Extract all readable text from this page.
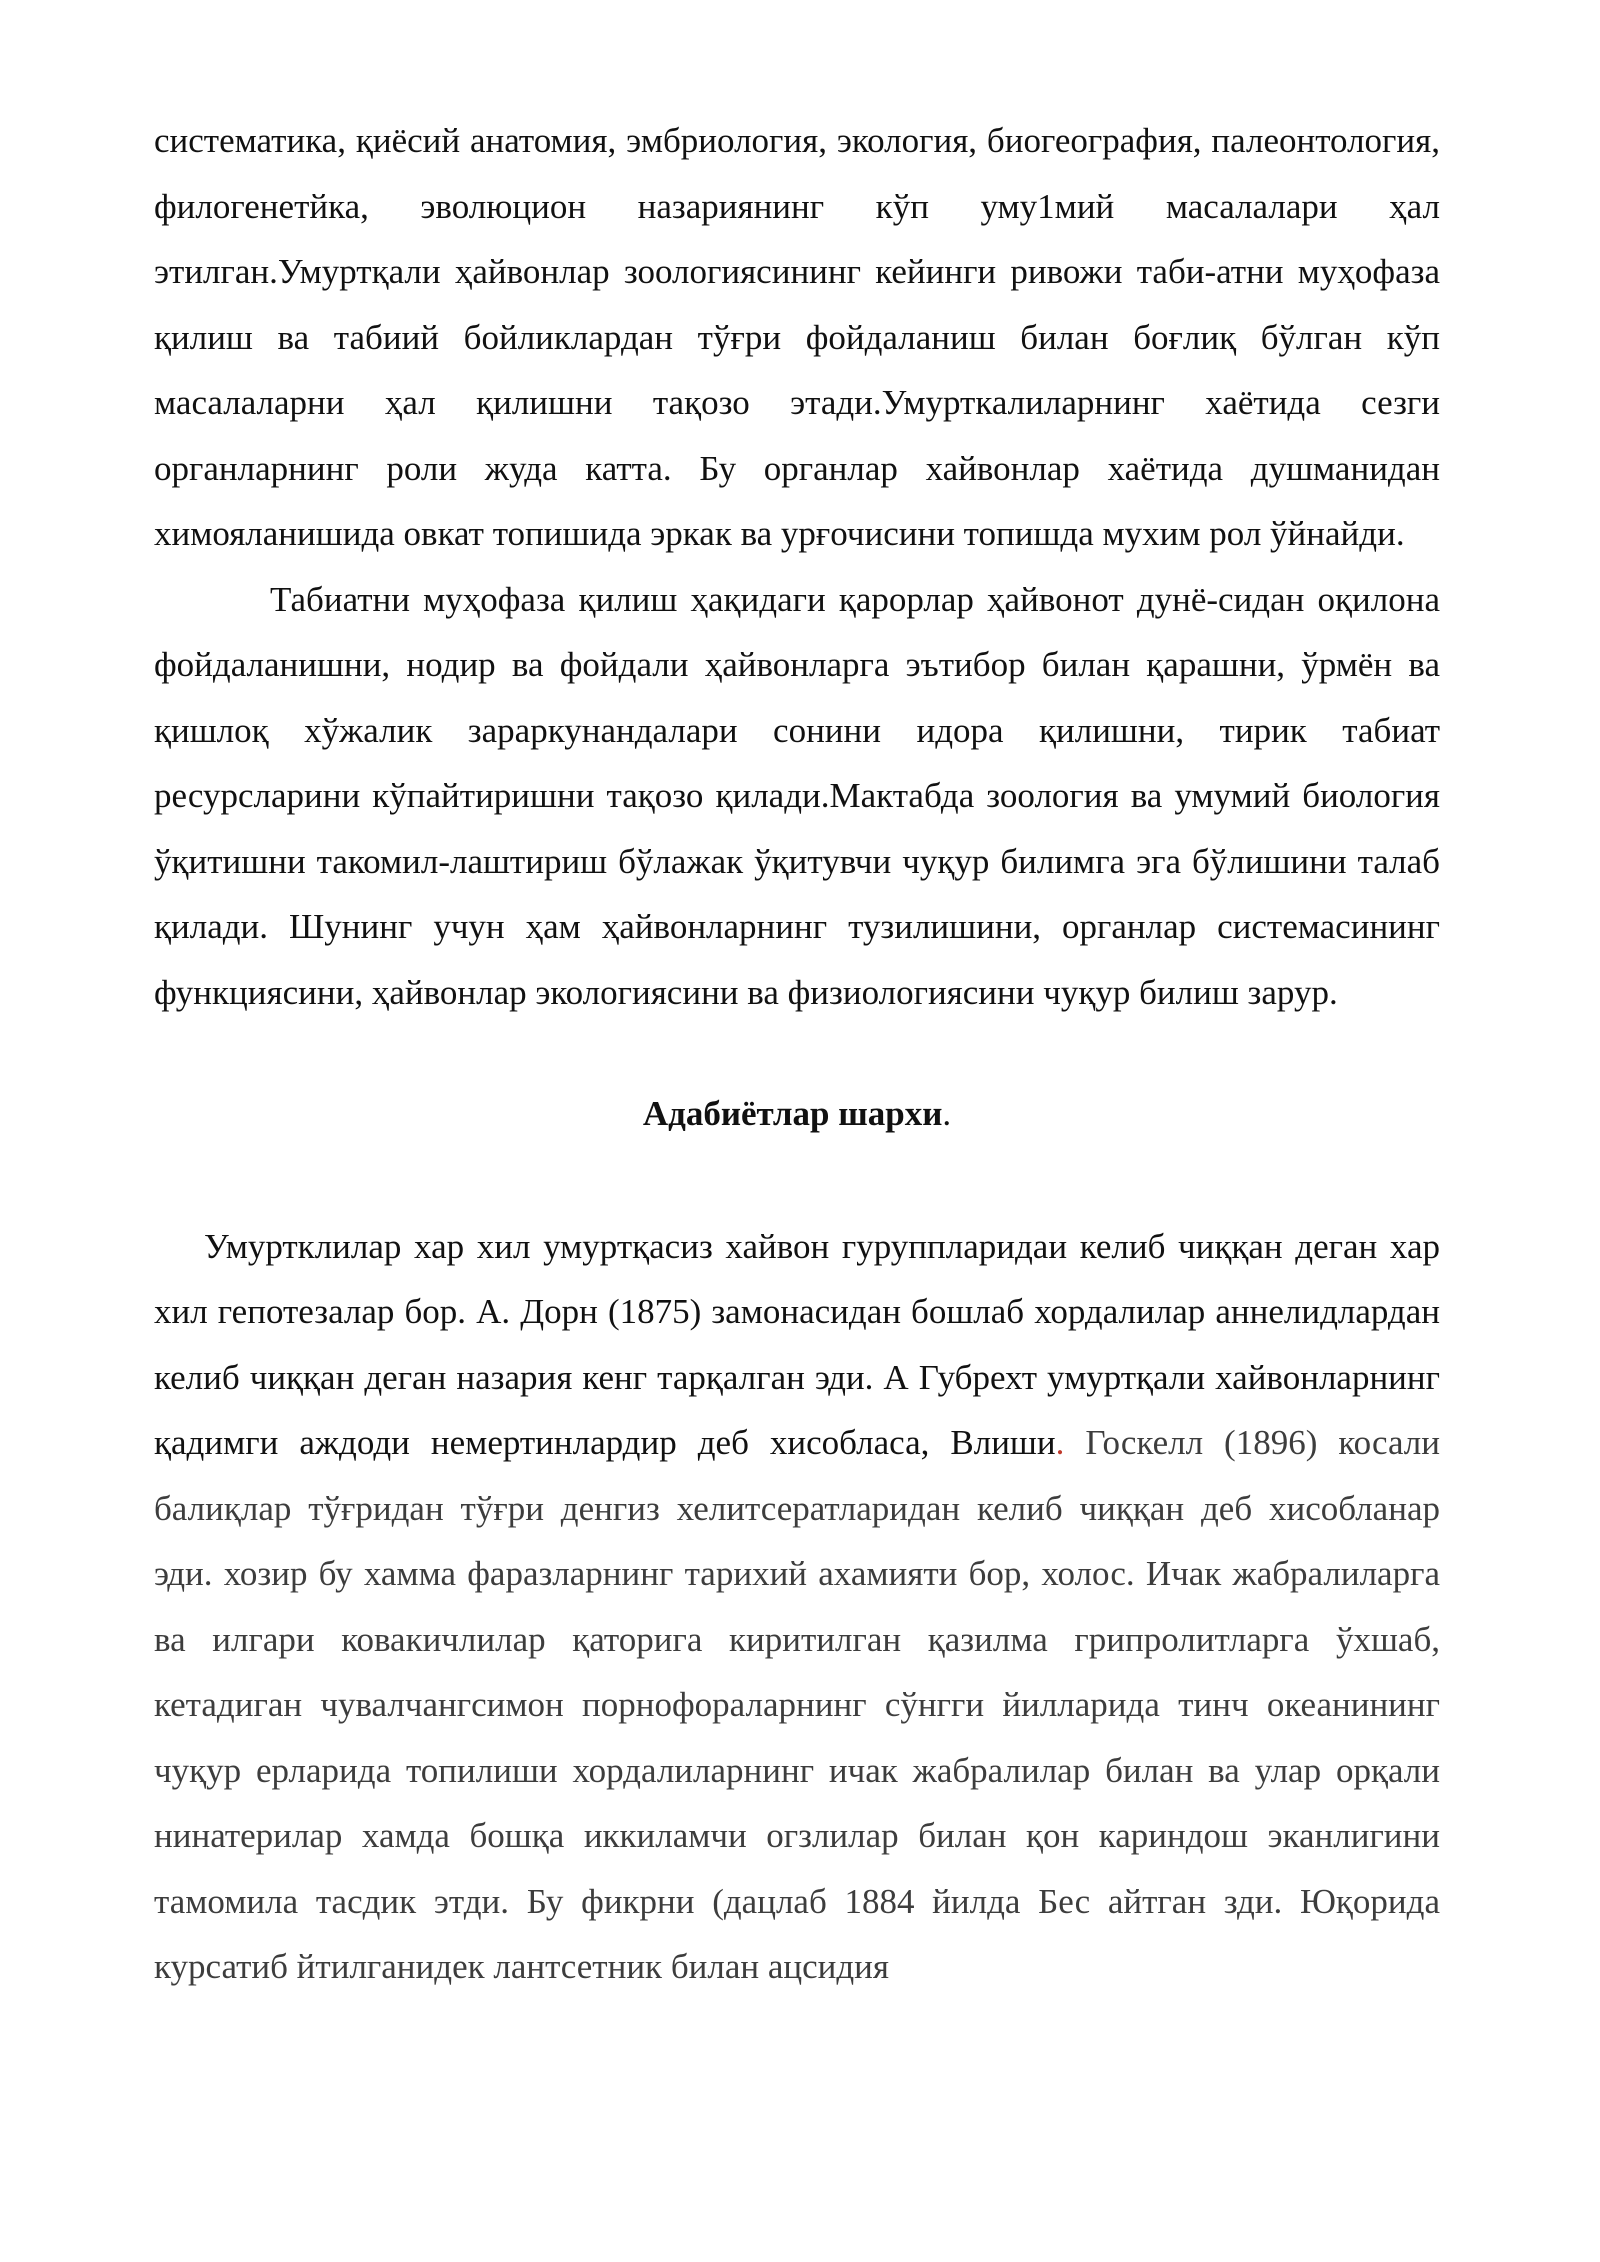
систематика, қиёсий анатомия, эмбриология, экология, биогеография, палеонтология, филогенетйка, эволюцион назариянинг кўп уму1мий масалалари ҳал этилган.Умуртқали ҳайвонлар зоологиясининг кейинги ривожи таби-атни муҳофаза қилиш ва табиий бойликлардан тўғри фойдаланиш билан боғлиқ бўлган кўп масалаларни ҳал қилишни тақозо этади.Умурткалиларнинг хаётида сезги органларнинг роли жуда катта. Бу органлар хайвонлар хаётида душманидан химояланишида овкат топишида эркак ва урғочисини топишда мухим рол ўйнайди.

Табиатни муҳофаза қилиш ҳақидаги қарорлар ҳайвонот дунё-сидан оқилона фойдаланишни, нодир ва фойдали ҳайвонларга эътибор билан қарашни, ўрмён ва қишлоқ хўжалик зараркунандалари сонини идора қилишни, тирик табиат ресурсларини кўпайтиришни тақозо қилади.Мактабда зоология ва умумий биология ўқитишни такомил-лаштириш бўлажак ўқитувчи чуқур билимга эга бўлишини талаб қилади. Шунинг учун ҳам ҳайвонларнинг тузилишини, органлар системасининг функциясини, ҳайвонлар экологиясини ва физиологиясини чуқур билиш зарур.

Адабиётлар шархи.

Умуртклилар хар хил умуртқасиз хайвон гурупплаpидаи келиб чиққан деган хар хил гепотезалар бор. А. Дорн (1875) замонасидан бошлаб хордалилар аннелидлардан келиб чиққан деган назария кенг тарқалган эди. А Губрехт умуртқали хайвонларнинг қадимги аждоди немертинлардир деб хисобласа, Влиши. Госкелл (1896) косали балиқлар тўғридан тўғри денгиз хелитсератларидан келиб чиққан деб хисобланар эди. хозир бу хамма фаразларнинг тарихий ахамияти бор, холос. Ичак жабралиларга ва илгари ковакичлилар қаторига киритилган қазилма грипролитларга ўхшаб, кетадиган чувалчангсимон порнофораларнинг сўнгги йилларида тинч океанининг чуқур ерларида топилиши хордалиларнинг ичак жабралилар билан ва улар орқали нинатерилар хамда бошқа иккиламчи огзлилар билан қон кариндош эканлигини тамомила тасдик этди. Бу фикрни (дацлаб 1884 йилда Бес айтган зди. Юқорида курсатиб йтилганидек лантсетник билан ацсидия
